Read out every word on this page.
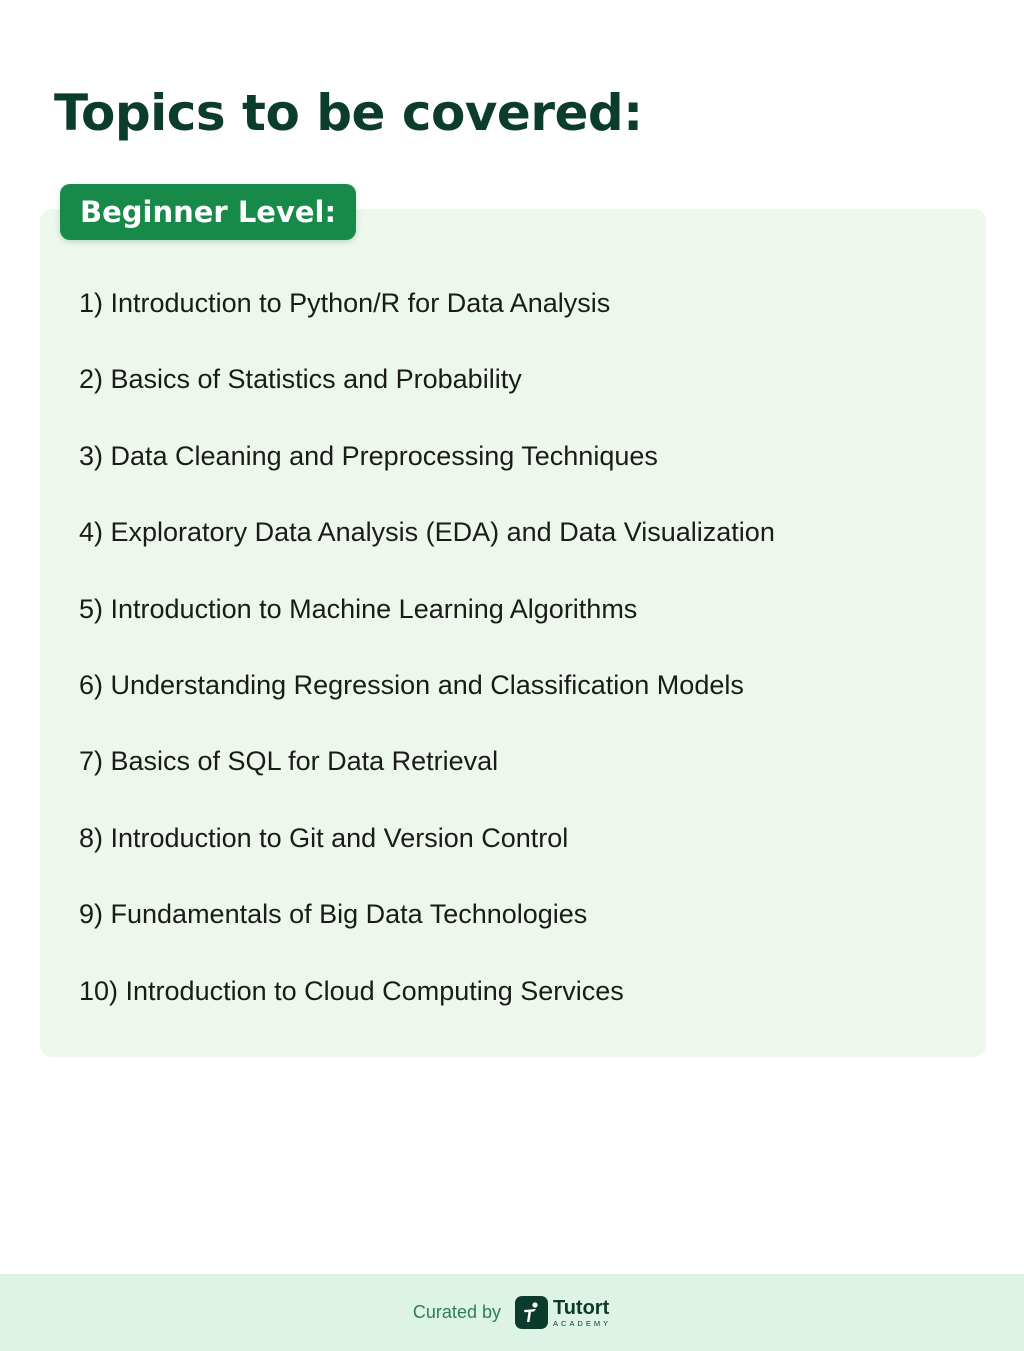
Topics to be covered:
Beginner Level:
1) Introduction to Python/R for Data Analysis
2) Basics of Statistics and Probability
3) Data Cleaning and Preprocessing Techniques
4) Exploratory Data Analysis (EDA) and Data Visualization
5) Introduction to Machine Learning Algorithms
6) Understanding Regression and Classification Models
7) Basics of SQL for Data Retrieval
8) Introduction to Git and Version Control
9) Fundamentals of Big Data Technologies
10) Introduction to Cloud Computing Services
Curated by	Tutort
ACADEMY
